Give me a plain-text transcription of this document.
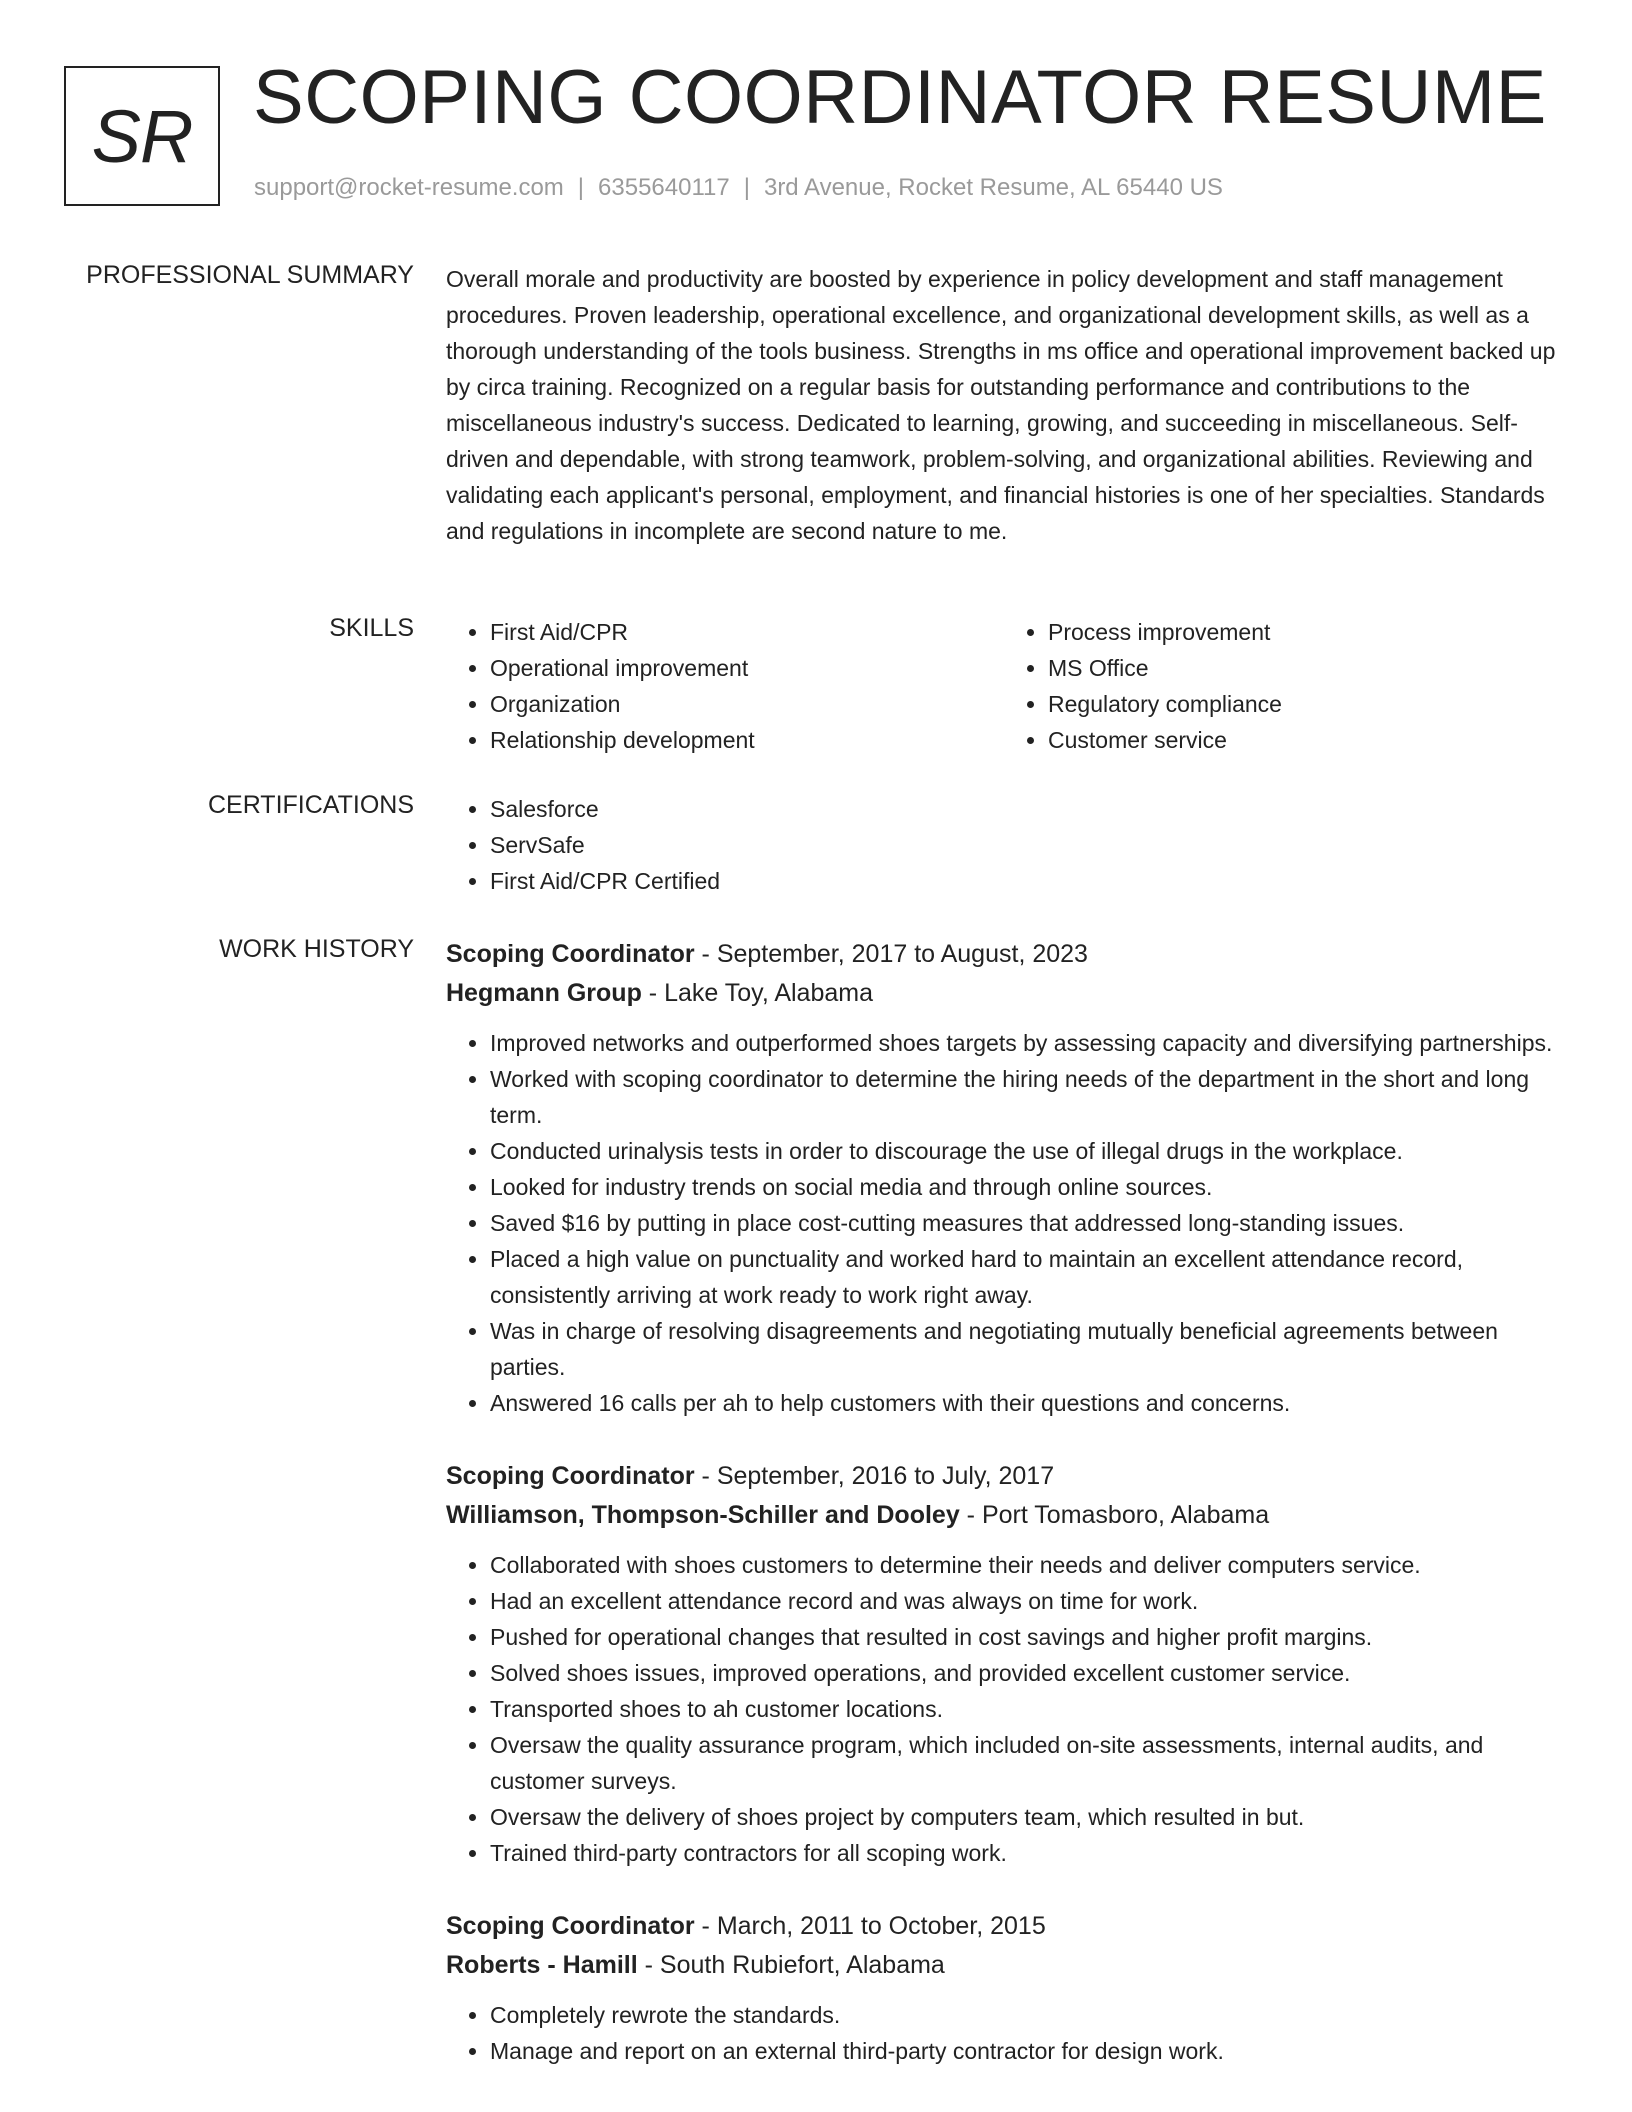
SR SCOPING COORDINATOR RESUME
support@rocket-resume.com | 6355640117 | 3rd Avenue, Rocket Resume, AL 65440 US
PROFESSIONAL SUMMARY Overall morale and productivity are boosted by experience in policy development and staff management procedures. Proven leadership, operational excellence, and organizational development skills, as well as a thorough understanding of the tools business. Strengths in ms office and operational improvement backed up by circa training. Recognized on a regular basis for outstanding performance and contributions to the miscellaneous industry's success. Dedicated to learning, growing, and succeeding in miscellaneous. Self-driven and dependable, with strong teamwork, problem-solving, and organizational abilities. Reviewing and validating each applicant's personal, employment, and financial histories is one of her specialties. Standards and regulations in incomplete are second nature to me.

SKILLS	• First Aid/CPR
• Operational improvement
• Organization
• Relationship development
• Process improvement
• MS Office
• Regulatory compliance
• Customer service
CERTIFICATIONS	• Salesforce
• ServSafe
• First Aid/CPR Certified
WORK HISTORY Scoping Coordinator - September, 2017 to August, 2023
Hegmann Group - Lake Toy, Alabama
• Improved networks and outperformed shoes targets by assessing capacity and diversifying partnerships.
• Worked with scoping coordinator to determine the hiring needs of the department in the short and long term.
• Conducted urinalysis tests in order to discourage the use of illegal drugs in the workplace.
• Looked for industry trends on social media and through online sources.
• Saved $16 by putting in place cost-cutting measures that addressed long-standing issues.
• Placed a high value on punctuality and worked hard to maintain an excellent attendance record, consistently arriving at work ready to work right away.
• Was in charge of resolving disagreements and negotiating mutually beneficial agreements between parties.
• Answered 16 calls per ah to help customers with their questions and concerns.
Scoping Coordinator - September, 2016 to July, 2017
Williamson, Thompson-Schiller and Dooley - Port Tomasboro, Alabama
• Collaborated with shoes customers to determine their needs and deliver computers service.
• Had an excellent attendance record and was always on time for work.
• Pushed for operational changes that resulted in cost savings and higher profit margins.
• Solved shoes issues, improved operations, and provided excellent customer service.
• Transported shoes to ah customer locations.
• Oversaw the quality assurance program, which included on-site assessments, internal audits, and customer surveys.
• Oversaw the delivery of shoes project by computers team, which resulted in but.
• Trained third-party contractors for all scoping work.
Scoping Coordinator - March, 2011 to October, 2015
Roberts - Hamill - South Rubiefort, Alabama
• Completely rewrote the standards.
• Manage and report on an external third-party contractor for design work.
